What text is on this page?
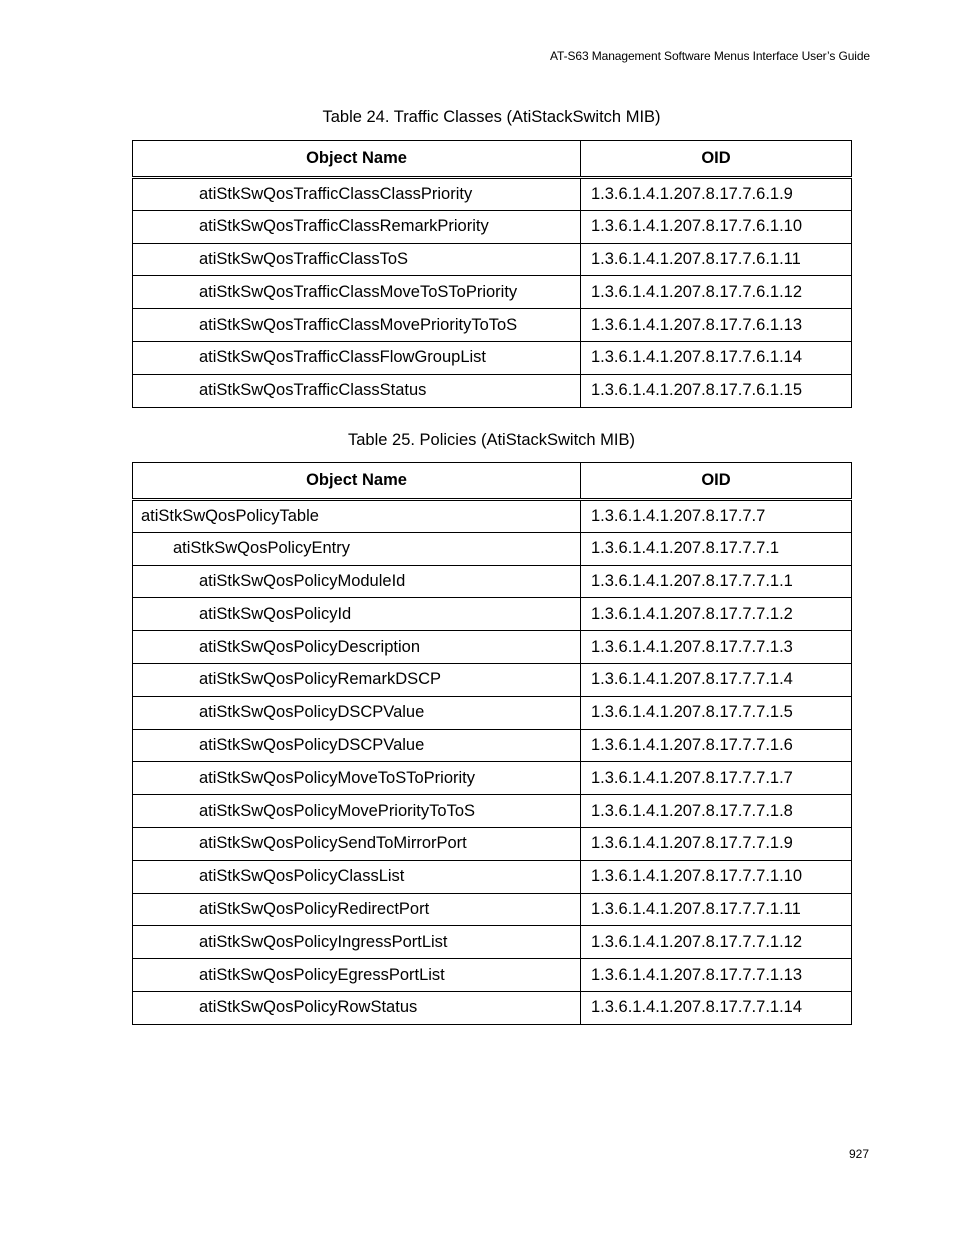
AT-S63 Management Software Menus Interface User’s Guide
Table 24. Traffic Classes (AtiStackSwitch MIB)
Object Name	OID
atiStkSwQosTrafficClassClassPriority	1.3.6.1.4.1.207.8.17.7.6.1.9
atiStkSwQosTrafficClassRemarkPriority	1.3.6.1.4.1.207.8.17.7.6.1.10
atiStkSwQosTrafficClassToS	1.3.6.1.4.1.207.8.17.7.6.1.11
atiStkSwQosTrafficClassMoveToSToPriority	1.3.6.1.4.1.207.8.17.7.6.1.12
atiStkSwQosTrafficClassMovePriorityToToS	1.3.6.1.4.1.207.8.17.7.6.1.13
atiStkSwQosTrafficClassFlowGroupList	1.3.6.1.4.1.207.8.17.7.6.1.14
atiStkSwQosTrafficClassStatus	1.3.6.1.4.1.207.8.17.7.6.1.15
Table 25. Policies (AtiStackSwitch MIB)
Object Name	OID
atiStkSwQosPolicyTable	1.3.6.1.4.1.207.8.17.7.7
atiStkSwQosPolicyEntry	1.3.6.1.4.1.207.8.17.7.7.1
atiStkSwQosPolicyModuleId	1.3.6.1.4.1.207.8.17.7.7.1.1
atiStkSwQosPolicyId	1.3.6.1.4.1.207.8.17.7.7.1.2
atiStkSwQosPolicyDescription	1.3.6.1.4.1.207.8.17.7.7.1.3
atiStkSwQosPolicyRemarkDSCP	1.3.6.1.4.1.207.8.17.7.7.1.4
atiStkSwQosPolicyDSCPValue	1.3.6.1.4.1.207.8.17.7.7.1.5
atiStkSwQosPolicyDSCPValue	1.3.6.1.4.1.207.8.17.7.7.1.6
atiStkSwQosPolicyMoveToSToPriority	1.3.6.1.4.1.207.8.17.7.7.1.7
atiStkSwQosPolicyMovePriorityToToS	1.3.6.1.4.1.207.8.17.7.7.1.8
atiStkSwQosPolicySendToMirrorPort	1.3.6.1.4.1.207.8.17.7.7.1.9
atiStkSwQosPolicyClassList	1.3.6.1.4.1.207.8.17.7.7.1.10
atiStkSwQosPolicyRedirectPort	1.3.6.1.4.1.207.8.17.7.7.1.11
atiStkSwQosPolicyIngressPortList	1.3.6.1.4.1.207.8.17.7.7.1.12
atiStkSwQosPolicyEgressPortList	1.3.6.1.4.1.207.8.17.7.7.1.13
atiStkSwQosPolicyRowStatus	1.3.6.1.4.1.207.8.17.7.7.1.14
927
